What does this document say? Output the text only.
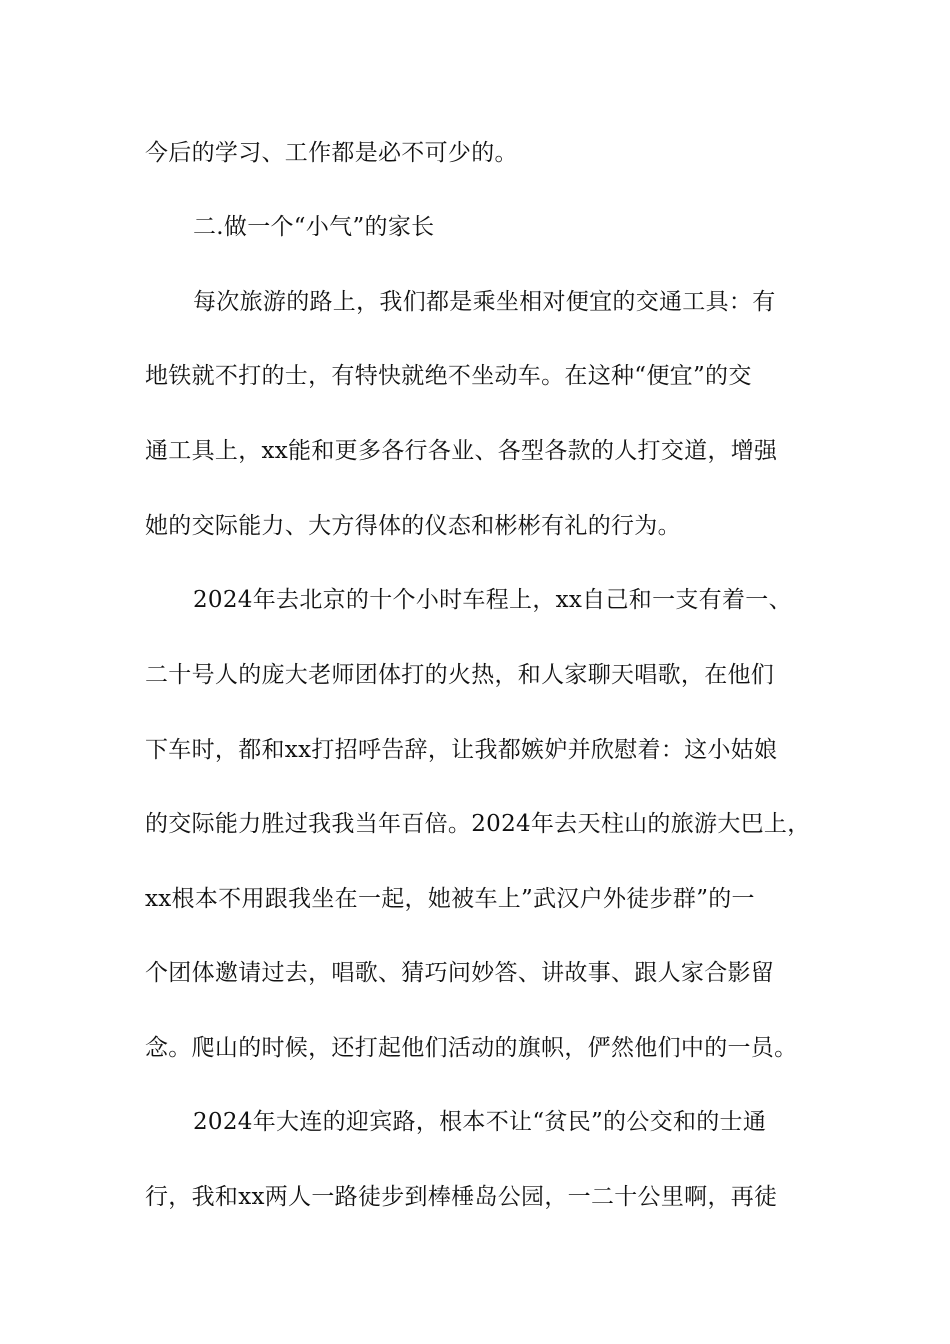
今后的学习、工作都是必不可少的。

二.做一个“小气”的家长

每次旅游的路上，我们都是乘坐相对便宜的交通工具：有

地铁就不打的士，有特快就绝不坐动车。在这种“便宜”的交

通工具上，xx能和更多各行各业、各型各款的人打交道，增强

她的交际能力、大方得体的仪态和彬彬有礼的行为。

2024年去北京的十个小时车程上，xx自己和一支有着一、

二十号人的庞大老师团体打的火热，和人家聊天唱歌，在他们

下车时，都和xx打招呼告辞，让我都嫉妒并欣慰着：这小姑娘

的交际能力胜过我我当年百倍。2024年去天柱山的旅游大巴上，

xx根本不用跟我坐在一起，她被车上”武汉户外徒步群”的一

个团体邀请过去，唱歌、猜巧问妙答、讲故事、跟人家合影留

念。爬山的时候，还打起他们活动的旗帜，俨然他们中的一员。

2024年大连的迎宾路，根本不让“贫民”的公交和的士通

行，我和xx两人一路徒步到棒棰岛公园，一二十公里啊，再徒
